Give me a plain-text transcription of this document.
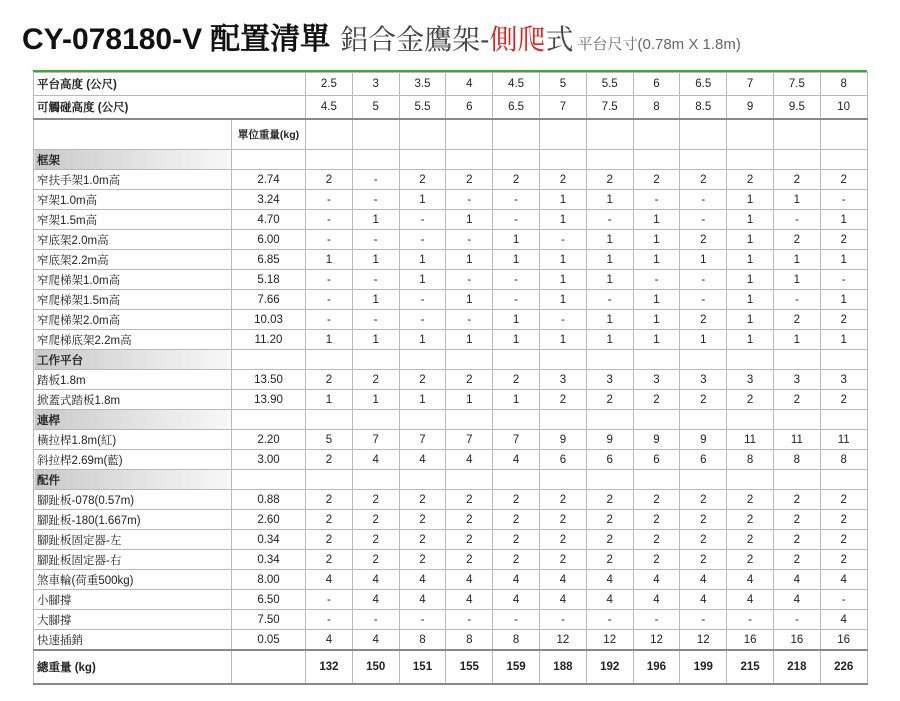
CY-078180-V 配置清單 鋁合金鷹架- 側爬 式 平台尺寸(0.78m X 1.8m)
平台高度 (公尺)		2.5	3	3.5	4	4.5	5	5.5	6	6.5	7	7.5	8
可觸碰高度 (公尺)		4.5	5	5.5	6	6.5	7	7.5	8	8.5	9	9.5	10
	單位重量(kg)												
框架													
窄扶手架1.0m高	2.74	2	-	2	2	2	2	2	2	2	2	2	2
窄架1.0m高	3.24	-	-	1	-	-	1	1	-	-	1	1	-
窄架1.5m高	4.70	-	1	-	1	-	1	-	1	-	1	-	1
窄底架2.0m高	6.00	-	-	-	-	1	-	1	1	2	1	2	2
窄底架2.2m高	6.85	1	1	1	1	1	1	1	1	1	1	1	1
窄爬梯架1.0m高	5.18	-	-	1	-	-	1	1	-	-	1	1	-
窄爬梯架1.5m高	7.66	-	1	-	1	-	1	-	1	-	1	-	1
窄爬梯架2.0m高	10.03	-	-	-	-	1	-	1	1	2	1	2	2
窄爬梯底架2.2m高	11.20	1	1	1	1	1	1	1	1	1	1	1	1
工作平台													
踏板1.8m	13.50	2	2	2	2	2	3	3	3	3	3	3	3
掀蓋式踏板1.8m	13.90	1	1	1	1	1	2	2	2	2	2	2	2
連桿													
橫拉桿1.8m(紅)	2.20	5	7	7	7	7	9	9	9	9	11	11	11
斜拉桿2.69m(藍)	3.00	2	4	4	4	4	6	6	6	6	8	8	8
配件													
腳趾板-078(0.57m)	0.88	2	2	2	2	2	2	2	2	2	2	2	2
腳趾板-180(1.667m)	2.60	2	2	2	2	2	2	2	2	2	2	2	2
腳趾板固定器-左	0.34	2	2	2	2	2	2	2	2	2	2	2	2
腳趾板固定器-右	0.34	2	2	2	2	2	2	2	2	2	2	2	2
煞車輪(荷重500kg)	8.00	4	4	4	4	4	4	4	4	4	4	4	4
小腳撐	6.50	-	4	4	4	4	4	4	4	4	4	4	-
大腳撐	7.50	-	-	-	-	-	-	-	-	-	-	-	4
快速插銷	0.05	4	4	8	8	8	12	12	12	12	16	16	16
總重量 (kg)		132	150	151	155	159	188	192	196	199	215	218	226
